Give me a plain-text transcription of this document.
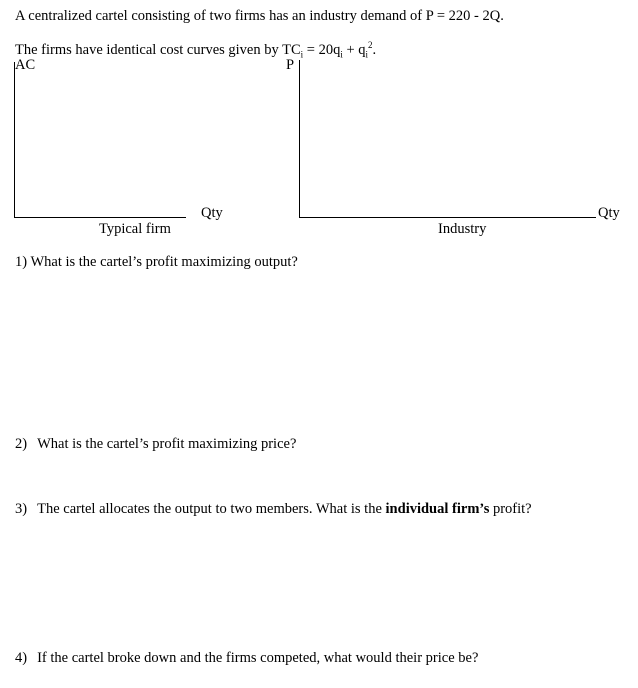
A centralized cartel consisting of two firms has an industry demand of P = 220 - 2Q.
The firms have identical cost curves given by $TC_i = 20q_i + q_i^2$.
AC
Qty
Typical firm
P
Qty
Industry
1) What is the cartel’s profit maximizing output?
2) What is the cartel’s profit maximizing price?
3) The cartel allocates the output to two members. What is the individual firm’s profit?
4) If the cartel broke down and the firms competed, what would their price be?
